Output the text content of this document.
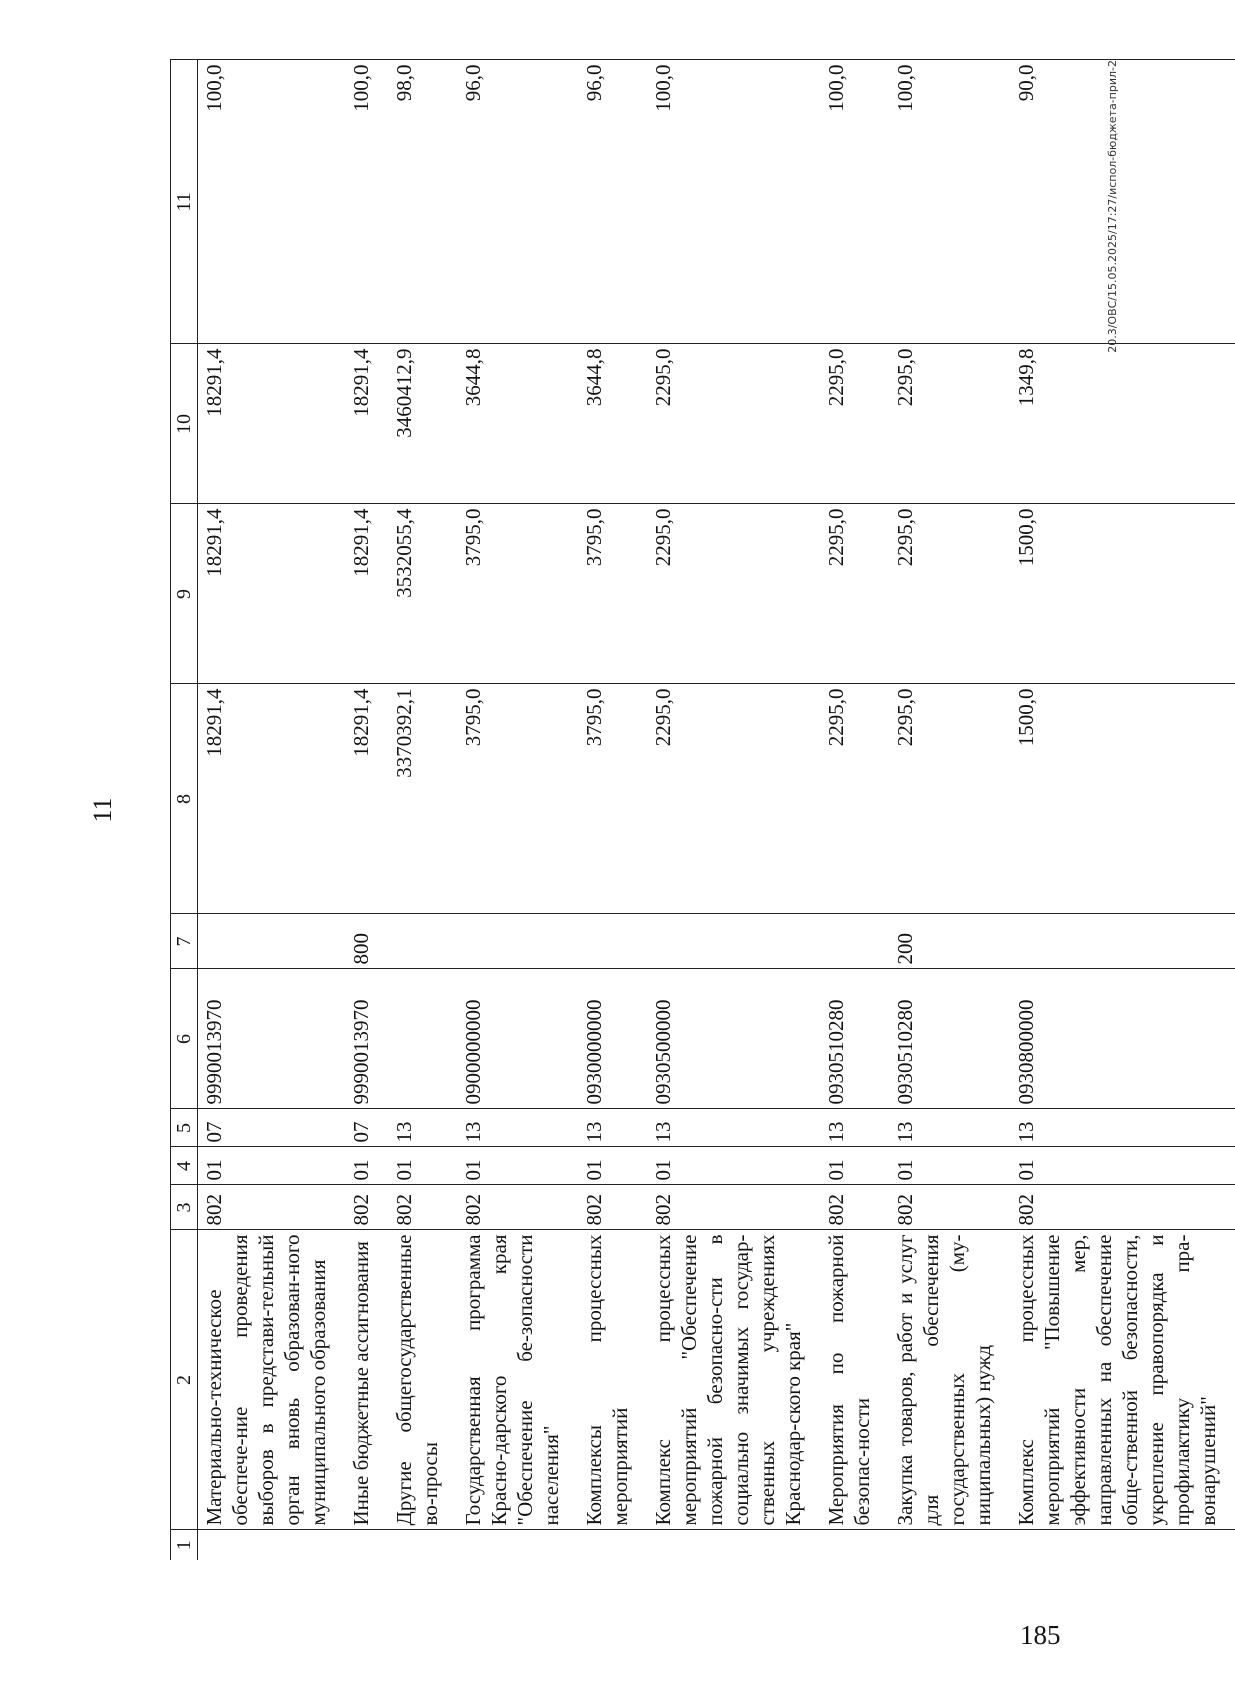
11
1	2	3	4	5	6	7	8	9	10	11
	Материально-техническое обеспече-ние проведения выборов в представи-тельный орган вновь образован-ного муниципального образования	802	01	07	9990013970		18291,4	18291,4	18291,4	100,0
	Иные бюджетные ассигнования	802	01	07	9990013970	800	18291,4	18291,4	18291,4	100,0
	Другие общегосударственные во-просы	802	01	13			3370392,1	3532055,4	3460412,9	98,0
	Государственная программа Красно-дарского края "Обеспечение бе-зопасности населения"	802	01	13	0900000000		3795,0	3795,0	3644,8	96,0
	Комплексы процессных мероприятий	802	01	13	0930000000		3795,0	3795,0	3644,8	96,0
	Комплекс процессных мероприятий "Обеспечение пожарной безопасно-сти в социально значимых государ-ственных учреждениях Краснодар-ского края"	802	01	13	0930500000		2295,0	2295,0	2295,0	100,0
	Мероприятия по пожарной безопас-ности	802	01	13	0930510280		2295,0	2295,0	2295,0	100,0
	Закупка товаров, работ и услуг для обеспечения государственных (му-ниципальных) нужд	802	01	13	0930510280	200	2295,0	2295,0	2295,0	100,0
	Комплекс процессных мероприятий "Повышение эффективности мер, направленных на обеспечение обще-ственной безопасности, укрепление правопорядка и профилактику пра-вонарушений"	802	01	13	0930800000		1500,0	1500,0	1349,8	90,0	20.3/ОВС/15.05.2025/17:27/испол-бюджета-прил-2
185
